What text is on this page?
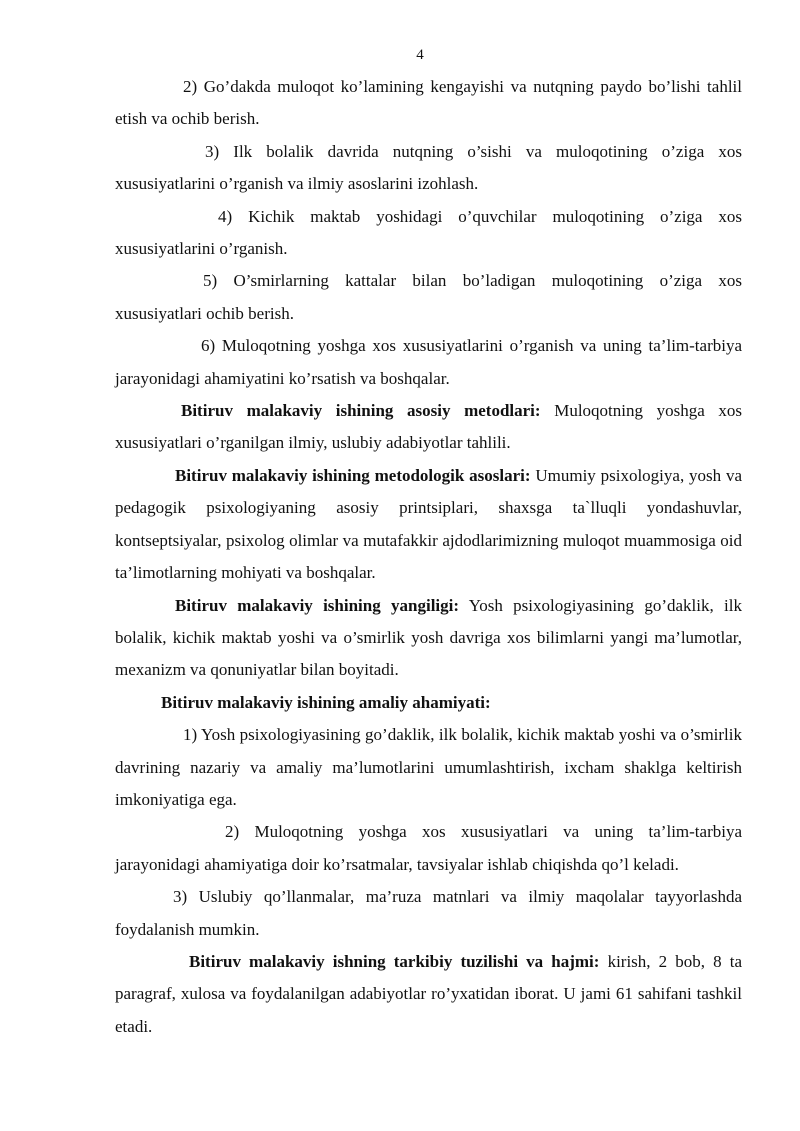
4

2) Go’dakda muloqot ko’lamining kengayishi va nutqning paydo bo’lishi tahlil etish va ochib berish.

3) Ilk bolalik davrida nutqning o’sishi va muloqotining o’ziga xos xususiyatlarini o’rganish va ilmiy asoslarini izohlash.

4) Kichik maktab yoshidagi o’quvchilar muloqotining o’ziga xos xususiyatlarini o’rganish.

5) O’smirlarning kattalar bilan bo’ladigan muloqotining o’ziga xos xususiyatlari ochib berish.

6) Muloqotning yoshga xos xususiyatlarini o’rganish va uning ta’lim-tarbiya jarayonidagi ahamiyatini ko’rsatish va boshqalar.

Bitiruv malakaviy ishining asosiy metodlari: Muloqotning yoshga xos xususiyatlari o’rganilgan ilmiy, uslubiy adabiyotlar tahlili.

Bitiruv malakaviy ishining metodologik asoslari: Umumiy psixologiya, yosh va pedagogik psixologiyaning asosiy printsiplari, shaxsga ta`lluqli yondashuvlar, kontseptsiyalar, psixolog olimlar va mutafakkir ajdodlarimizning muloqot muammosiga oid ta’limotlarning mohiyati va boshqalar.

Bitiruv malakaviy ishining yangiligi: Yosh psixologiyasining go’daklik, ilk bolalik, kichik maktab yoshi va o’smirlik yosh davriga xos bilimlarni yangi ma’lumotlar, mexanizm va qonuniyatlar bilan boyitadi.

Bitiruv malakaviy ishining amaliy ahamiyati:

1) Yosh psixologiyasining go’daklik, ilk bolalik, kichik maktab yoshi va o’smirlik davrining nazariy va amaliy ma’lumotlarini umumlashtirish, ixcham shaklga keltirish imkoniyatiga ega.

2) Muloqotning yoshga xos xususiyatlari va uning ta’lim-tarbiya jarayonidagi ahamiyatiga doir ko’rsatmalar, tavsiyalar ishlab chiqishda qo’l keladi.

3) Uslubiy qo’llanmalar, ma’ruza matnlari va ilmiy maqolalar tayyorlashda foydalanish mumkin.

Bitiruv malakaviy ishning tarkibiy tuzilishi va hajmi: kirish, 2 bob, 8 ta paragraf, xulosa va foydalanilgan adabiyotlar ro’yxatidan iborat. U jami 61 sahifani tashkil etadi.
